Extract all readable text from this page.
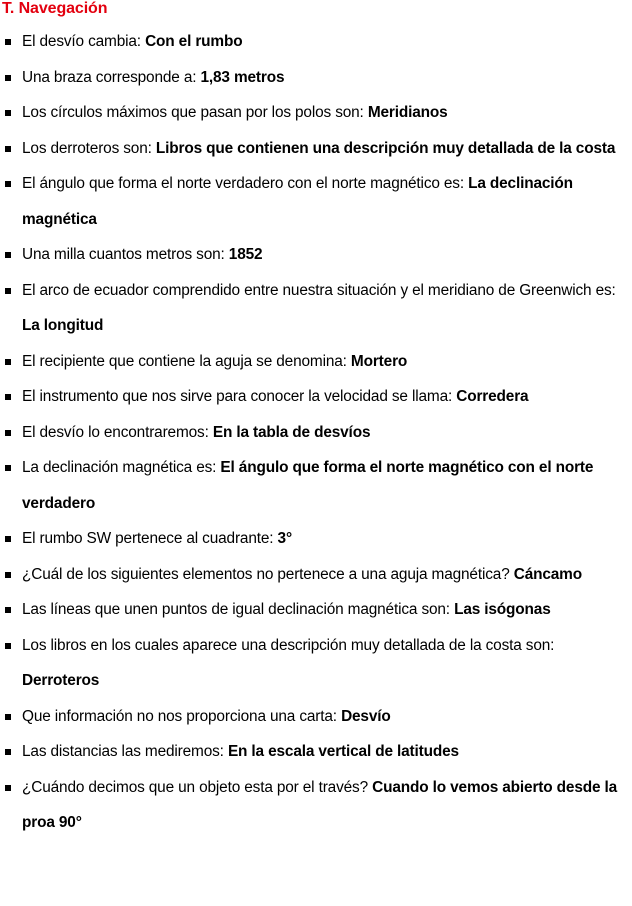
T. Navegación
El desvío cambia: Con el rumbo
Una braza corresponde a: 1,83 metros
Los círculos máximos que pasan por los polos son: Meridianos
Los derroteros son: Libros que contienen una descripción muy detallada de la costa
El ángulo que forma el norte verdadero con el norte magnético es: La declinación magnética
Una milla cuantos metros son: 1852
El arco de ecuador comprendido entre nuestra situación y el meridiano de Greenwich es: La longitud
El recipiente que contiene la aguja se denomina: Mortero
El instrumento que nos sirve para conocer la velocidad se llama: Corredera
El desvío lo encontraremos: En la tabla de desvíos
La declinación magnética es: El ángulo que forma el norte magnético con el norte verdadero
El rumbo SW pertenece al cuadrante: 3°
¿Cuál de los siguientes elementos no pertenece a una aguja magnética? Cáncamo
Las líneas que unen puntos de igual declinación magnética son: Las isógonas
Los libros en los cuales aparece una descripción muy detallada de la costa son: Derroteros
Que información no nos proporciona una carta: Desvío
Las distancias las mediremos: En la escala vertical de latitudes
¿Cuándo decimos que un objeto esta por el través? Cuando lo vemos abierto desde la proa 90°
